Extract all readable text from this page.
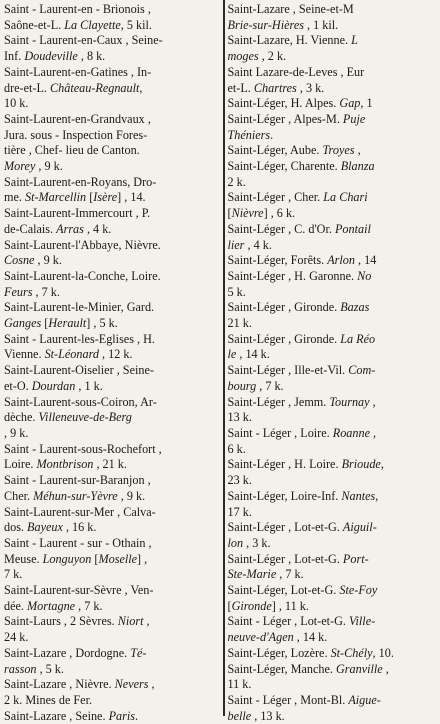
Saint - Laurent-en - Brionois ,
Saône-et-L. La Clayette, 5 kil.
Saint - Laurent-en-Caux , Seine-
Inf. Doudeville , 8 k.
Saint-Laurent-en-Gatines , In-
dre-et-L. Château-Regnault,
10 k.
Saint-Laurent-en-Grandvaux ,
Jura. sous - Inspection Fores-
tière , Chef- lieu de Canton.
Morey , 9 k.
Saint-Laurent-en-Royans, Dro-
me. St-Marcellin [Isère] , 14.
Saint-Laurent-Immercourt , P.
de-Calais. Arras , 4 k.
Saint-Laurent-l'Abbaye, Nièvre.
Cosne , 9 k.
Saint-Laurent-la-Conche, Loire.
Feurs , 7 k.
Saint-Laurent-le-Minier, Gard.
Ganges [Herault] , 5 k.
Saint - Laurent-les-Eglises , H.
Vienne. St-Léonard , 12 k.
Saint-Laurent-Oiselier , Seine-
et-O. Dourdan , 1 k.
Saint-Laurent-sous-Coiron, Ar-
dèche. Villeneuve-de-Berg
, 9 k.
Saint - Laurent-sous-Rochefort ,
Loire. Montbrison , 21 k.
Saint - Laurent-sur-Baranjon ,
Cher. Méhun-sur-Yèvre , 9 k.
Saint-Laurent-sur-Mer , Calva-
dos. Bayeux , 16 k.
Saint - Laurent - sur - Othain ,
Meuse. Longuyon [Moselle] ,
7 k.
Saint-Laurent-sur-Sèvre , Ven-
dée. Mortagne , 7 k.
Saint-Laurs , 2 Sèvres. Niort ,
24 k.
Saint-Lazare , Dordogne. Té-
rasson , 5 k.
Saint-Lazare , Nièvre. Nevers ,
2 k. Mines de Fer.
Saint-Lazare , Seine. Paris.
Saint-Lazare , Seine-et-M
Brie-sur-Hières , 1 kil.
Saint-Lazare, H. Vienne. L
moges , 2 k.
Saint Lazare-de-Leves , Eur
et-L. Chartres , 3 k.
Saint-Léger, H. Alpes. Gap, 1
Saint-Léger , Alpes-M. Puje
Théniers.
Saint-Léger, Aube. Troyes ,
Saint-Léger, Charente. Blanza
2 k.
Saint-Léger , Cher. La Chari
[Nièvre] , 6 k.
Saint-Léger , C. d'Or. Pontail
lier , 4 k.
Saint-Léger, Forêts. Arlon , 14
Saint-Léger , H. Garonne. No
5 k.
Saint-Léger , Gironde. Bazas
21 k.
Saint-Léger , Gironde. La Réo
le , 14 k.
Saint-Léger , Ille-et-Vil. Com-
bourg , 7 k.
Saint-Léger , Jemm. Tournay ,
13 k.
Saint - Léger , Loire. Roanne ,
6 k.
Saint-Léger , H. Loire. Brioude,
23 k.
Saint-Léger, Loire-Inf. Nantes,
17 k.
Saint-Léger , Lot-et-G. Aiguil-
lon , 3 k.
Saint-Léger , Lot-et-G. Port-
Ste-Marie , 7 k.
Saint-Léger, Lot-et-G. Ste-Foy
[Gironde] , 11 k.
Saint - Léger , Lot-et-G. Ville-
neuve-d'Agen , 14 k.
Saint-Léger, Lozère. St-Chély, 10.
Saint-Léger, Manche. Granville ,
11 k.
Saint - Léger , Mont-Bl. Aigue-
belle , 13 k.
